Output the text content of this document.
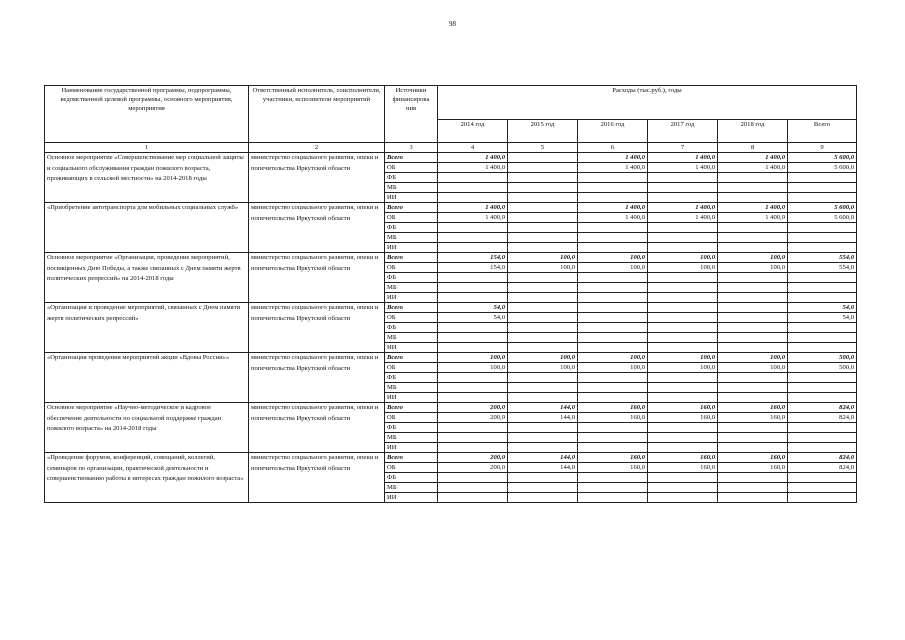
98
Наименование государственной программы, подпрограммы, ведомственной целевой программы, основного мероприятия, мероприятия	Ответственный исполнитель, соисполнители, участники, исполнители мероприятий	Источники финансирова ния	Расходы (тыс.руб.), годы					
			2014 год	2015 год	2016 год	2017 год	2018 год	Всего
1	2	3	4	5	6	7	8	9
Основное мероприятие «Совершенствование мер социальной защиты и социального обслуживания граждан пожилого возраста, проживающих в сельской местности» на 2014-2018 годы	министерство социального развития, опеки и попечительства Иркутской области	Всего	1 400,0		1 400,0	1 400,0	1 400,0	5 600,0
		ОБ	1 400,0		1 400,0	1 400,0	1 400,0	5 600,0
		ФБ						
		МБ						
		ИИ						
«Приобретение автотранспорта для мобильных социальных служб»	министерство социального развития, опеки и попечительства Иркутской области	Всего	1 400,0		1 400,0	1 400,0	1 400,0	5 600,0
		ОБ	1 400,0		1 400,0	1 400,0	1 400,0	5 600,0
		ФБ						
		МБ						
		ИИ						
Основное мероприятие «Организация, проведение мероприятий, посвященных Дню Победы, а также связанных с Днем памяти жертв политических репрессий» на 2014-2018 годы	министерство социального развития, опеки и попечительства Иркутской области	Всего	154,0	100,0	100,0	100,0	100,0	554,0
		ОБ	154,0	100,0	100,0	100,0	100,0	554,0
		ФБ						
		МБ						
		ИИ						
«Организация и проведение мероприятий, связанных с Днем памяти жертв политических репрессий»	министерство социального развития, опеки и попечительства Иркутской области	Всего	54,0					54,0
		ОБ	54,0					54,0
		ФБ						
		МБ						
		ИИ						
«Организация проведения мероприятий акции «Вдовы России»»	министерство социального развития, опеки и попечительства Иркутской области	Всего	100,0	100,0	100,0	100,0	100,0	500,0
		ОБ	100,0	100,0	100,0	100,0	100,0	500,0
		ФБ						
		МБ						
		ИИ						
Основное мероприятие «Научно-методическое и кадровое обеспечение деятельности по социальной поддержке граждан пожилого возраста» на 2014-2018 годы	министерство социального развития, опеки и попечительства Иркутской области	Всего	200,0	144,0	160,0	160,0	160,0	824,0
		ОБ	200,0	144,0	160,0	160,0	160,0	824,0
		ФБ						
		МБ						
		ИИ						
«Проведение форумов, конференций, совещаний, коллегий, семинаров по организации, практической деятельности и совершенствованию работы в интересах граждан пожилого возраста»	министерство социального развития, опеки и попечительства Иркутской области	Всего	200,0	144,0	160,0	160,0	160,0	824,0
		ОБ	200,0	144,0	160,0	160,0	160,0	824,0
		ФБ						
		МБ						
		ИИ						
